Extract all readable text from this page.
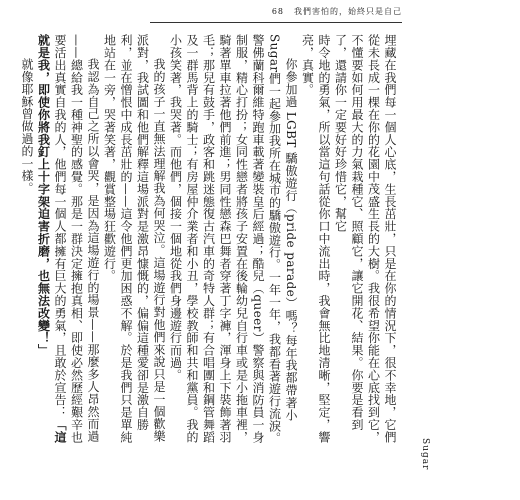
68 我們害怕的，始終只是自己

埋藏在我們每一個人心底，生長茁壯，只是在你的情況下，很不幸地，它們從未長成一棵在你的花園中茂盛生長的大樹。我很希望你能在心底找到它，不懂要如何用最大的力氣栽種它、照顧它，讓它開花、結果。你要是看到了，還請你一定要好好珍惜它，幫它

時令地的勇氣，所以當這句話從你口中流出時，我會無比地清晰，堅定，響亮，真實。

你參加過 LGBT 驕傲遊行（pride parade）嗎？每年我都帶著小Sugar們一起參加我所在城市的驕傲遊行。一年一年，我都看著遊行流淚。警佛蘭科爾維特跑車載著變裝皇后經過；酷兒（queer）警察與消防員一身制服，精心打扮；女同性戀者將孩子安置在後輪幼兒自行車或是小拖車裡，騎著單車拉著他們前進；男同性戀森巴舞者穿著丁字褲，渾身上下裝飾著羽毛；那兒有鼓手，政客和跳迷態復古汽車的奇特人群；有合唱團和鋼管舞蹈及一群馬背上的騎士；有房屋仲介業者和小丑，學校教師和共和黨員。我的小孩笑著，我哭著。而他們，個接一個地從我們身邊遊行而過。

我的孩子一直無法理解我為何哭泣。這場遊行對他們來說只是一個歡樂派對，我試圖和他們解釋這場派對是激昂慷慨的，偏偏這種愛卻是激自勝利，並在憎恨中成長茁壯的——這令他們更加困惑不解。於是我們只是單純地站在一旁，哭著笑著，觀賞整場狂歡遊行。

我認為自己之所以會哭，是因為這場遊行的場景——那麼多人昂然而過——總給我一種神聖的感覺。那是一群決定擁抱真相、即使必然歷經艱辛也要活出真實自我的人，他們每一個人都擁有巨大的勇氣，且敢於宣告：「這就是我，即使你將我釘上十字架迫害折磨，也無法改變！」

就像耶穌曾做過的一樣。

Sugar
